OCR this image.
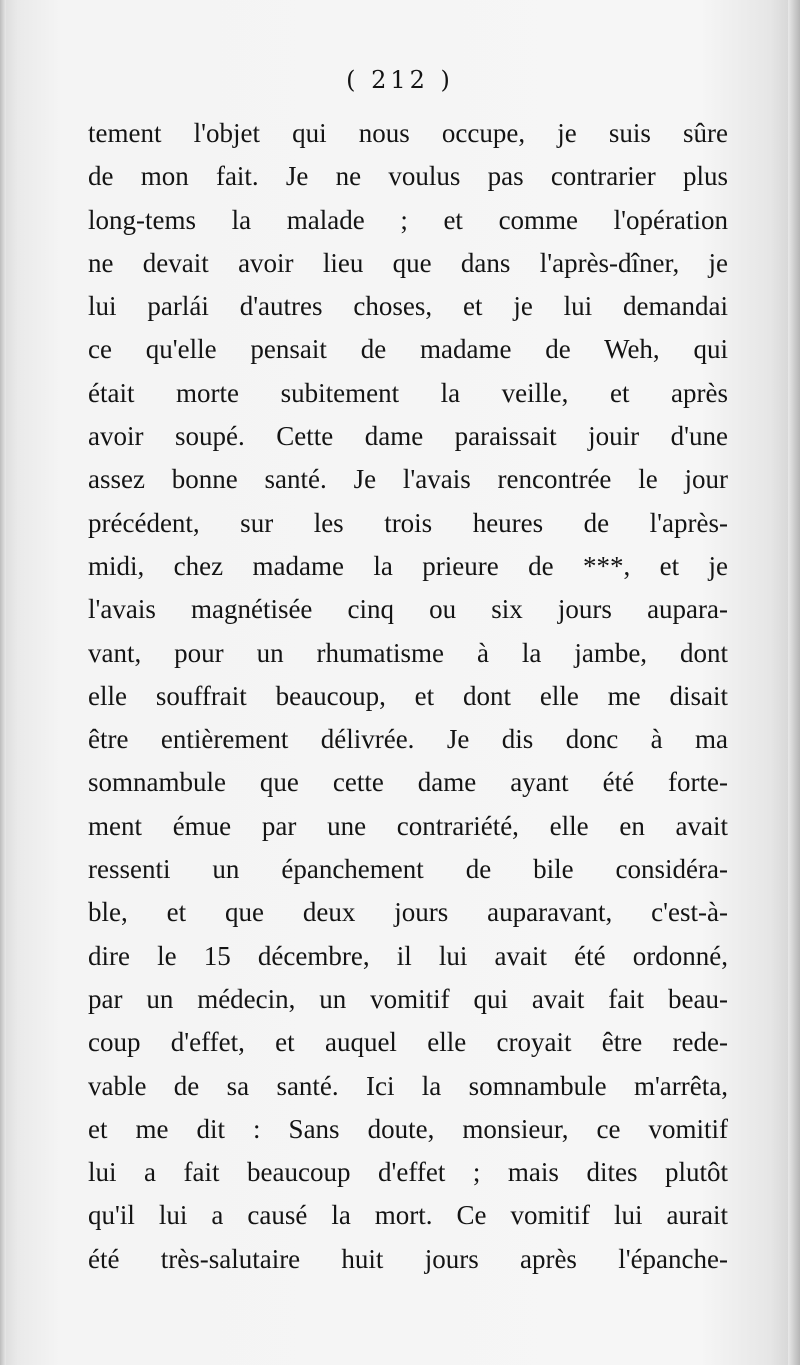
( 212 )
tement l'objet qui nous occupe, je suis sûre
de mon fait. Je ne voulus pas contrarier plus
long-tems la malade ; et comme l'opération
ne devait avoir lieu que dans l'après-dîner, je
lui parlái d'autres choses, et je lui demandai
ce qu'elle pensait de madame de Weh, qui
était morte subitement la veille, et après
avoir soupé. Cette dame paraissait jouir d'une
assez bonne santé. Je l'avais rencontrée le jour
précédent, sur les trois heures de l'après-
midi, chez madame la prieure de ***, et je
l'avais magnétisée cinq ou six jours aupara-
vant, pour un rhumatisme à la jambe, dont
elle souffrait beaucoup, et dont elle me disait
être entièrement délivrée. Je dis donc à ma
somnambule que cette dame ayant été forte-
ment émue par une contrariété, elle en avait
ressenti un épanchement de bile considéra-
ble, et que deux jours auparavant, c'est-à-
dire le 15 décembre, il lui avait été ordonné,
par un médecin, un vomitif qui avait fait beau-
coup d'effet, et auquel elle croyait être rede-
vable de sa santé. Ici la somnambule m'arrêta,
et me dit : Sans doute, monsieur, ce vomitif
lui a fait beaucoup d'effet ; mais dites plutôt
qu'il lui a causé la mort. Ce vomitif lui aurait
été très-salutaire huit jours après l'épanche-
